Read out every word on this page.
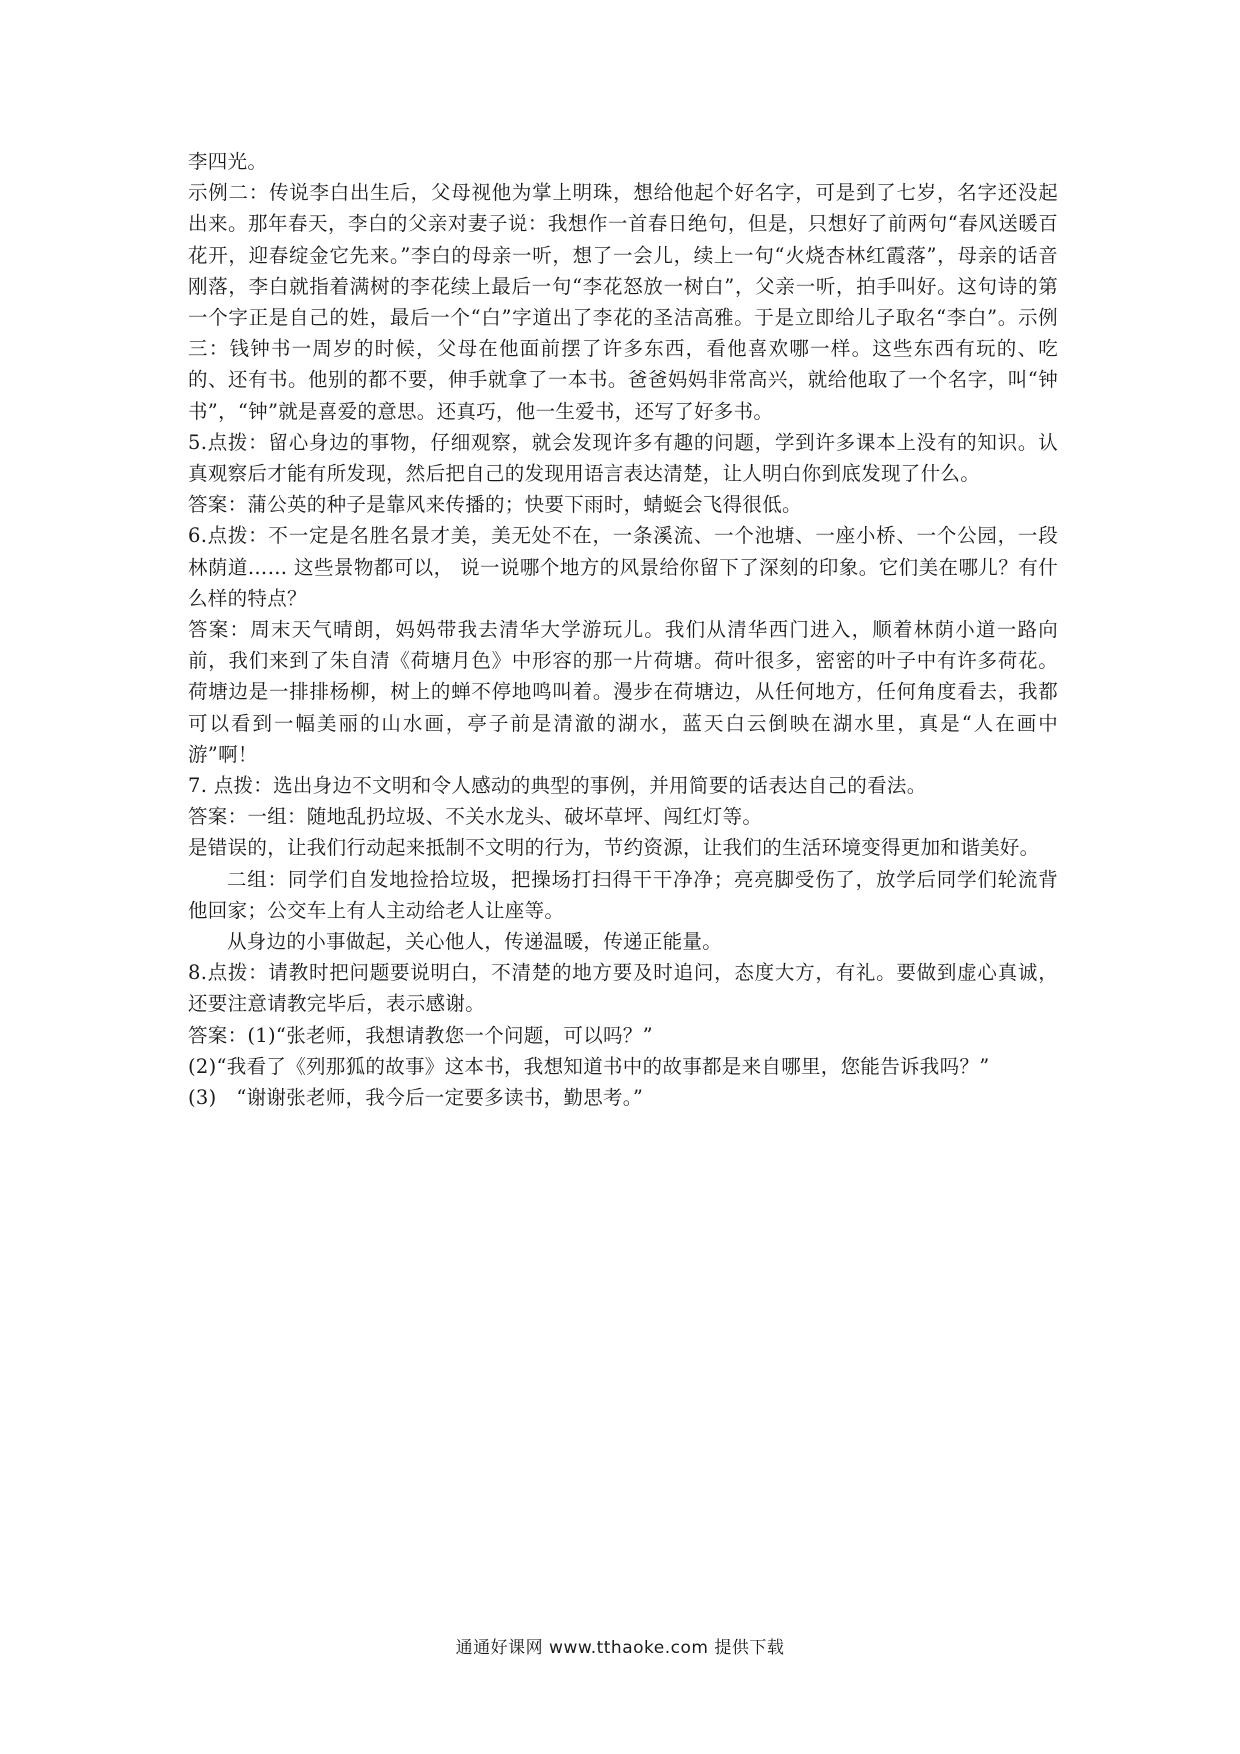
李四光。

示例二：传说李白出生后，父母视他为掌上明珠，想给他起个好名字，可是到了七岁，名字还没起出来。那年春天，李白的父亲对妻子说：我想作一首春日绝句，但是，只想好了前两句“春风送暖百花开，迎春绽金它先来。”李白的母亲一听，想了一会儿，续上一句“火烧杏林红霞落”，母亲的话音刚落，李白就指着满树的李花续上最后一句“李花怒放一树白”，父亲一听，拍手叫好。这句诗的第一个字正是自己的姓，最后一个“白”字道出了李花的圣洁高雅。于是立即给儿子取名“李白”。示例三：钱钟书一周岁的时候，父母在他面前摆了许多东西，看他喜欢哪一样。这些东西有玩的、吃的、还有书。他别的都不要，伸手就拿了一本书。爸爸妈妈非常高兴，就给他取了一个名字，叫“钟书”，“钟”就是喜爱的意思。还真巧，他一生爱书，还写了好多书。

5.点拨：留心身边的事物，仔细观察，就会发现许多有趣的问题，学到许多课本上没有的知识。认真观察后才能有所发现，然后把自己的发现用语言表达清楚，让人明白你到底发现了什么。

答案：蒲公英的种子是靠风来传播的；快要下雨时，蜻蜓会飞得很低。

6.点拨：不一定是名胜名景才美，美无处不在，一条溪流、一个池塘、一座小桥、一个公园，一段林荫道…… 这些景物都可以， 说一说哪个地方的风景给你留下了深刻的印象。它们美在哪儿？有什么样的特点？

答案：周末天气晴朗，妈妈带我去清华大学游玩儿。我们从清华西门进入，顺着林荫小道一路向前，我们来到了朱自清《荷塘月色》中形容的那一片荷塘。荷叶很多，密密的叶子中有许多荷花。荷塘边是一排排杨柳，树上的蝉不停地鸣叫着。漫步在荷塘边，从任何地方，任何角度看去，我都可以看到一幅美丽的山水画，亭子前是清澈的湖水，蓝天白云倒映在湖水里，真是“人在画中游”啊！

7. 点拨：选出身边不文明和令人感动的典型的事例，并用简要的话表达自己的看法。

答案：一组：随地乱扔垃圾、不关水龙头、破坏草坪、闯红灯等。

是错误的，让我们行动起来抵制不文明的行为，节约资源，让我们的生活环境变得更加和谐美好。

二组：同学们自发地捡拾垃圾，把操场打扫得干干净净；亮亮脚受伤了，放学后同学们轮流背他回家；公交车上有人主动给老人让座等。

从身边的小事做起，关心他人，传递温暖，传递正能量。

8.点拨：请教时把问题要说明白，不清楚的地方要及时追问，态度大方，有礼。要做到虚心真诚，还要注意请教完毕后，表示感谢。

答案：(1)“张老师，我想请教您一个问题，可以吗？”

(2)“我看了《列那狐的故事》这本书，我想知道书中的故事都是来自哪里，您能告诉我吗？”

(3)　“谢谢张老师，我今后一定要多读书，勤思考。”

通通好课网 www.tthaoke.com 提供下载
